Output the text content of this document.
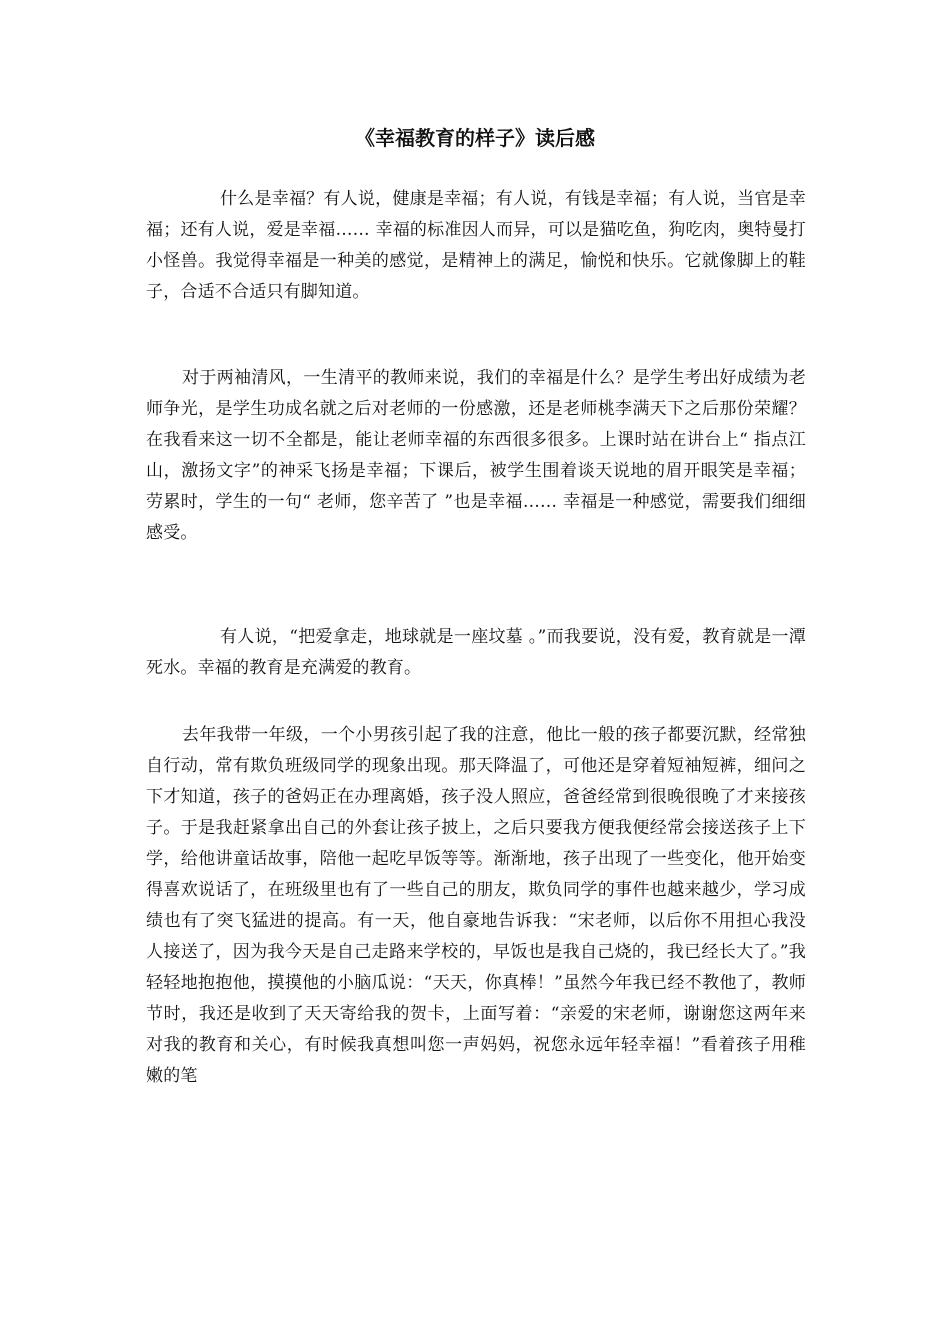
《幸福教育的样子》读后感

什么是幸福？有人说，健康是幸福；有人说，有钱是幸福；有人说，当官是幸福；还有人说，爱是幸福…… 幸福的标准因人而异，可以是猫吃鱼，狗吃肉，奥特曼打小怪兽。我觉得幸福是一种美的感觉，是精神上的满足，愉悦和快乐。它就像脚上的鞋子，合适不合适只有脚知道。

对于两袖清风，一生清平的教师来说，我们的幸福是什么？是学生考出好成绩为老师争光，是学生功成名就之后对老师的一份感激，还是老师桃李满天下之后那份荣耀？在我看来这一切不全都是，能让老师幸福的东西很多很多。上课时站在讲台上“ 指点江山，激扬文字”的神采飞扬是幸福；下课后，被学生围着谈天说地的眉开眼笑是幸福；劳累时，学生的一句“ 老师，您辛苦了 ”也是幸福…… 幸福是一种感觉，需要我们细细感受。

有人说，“把爱拿走，地球就是一座坟墓 。”而我要说，没有爱，教育就是一潭死水。幸福的教育是充满爱的教育。

去年我带一年级，一个小男孩引起了我的注意，他比一般的孩子都要沉默，经常独自行动，常有欺负班级同学的现象出现。那天降温了，可他还是穿着短袖短裤，细问之下才知道，孩子的爸妈正在办理离婚，孩子没人照应，爸爸经常到很晚很晚了才来接孩子。于是我赶紧拿出自己的外套让孩子披上，之后只要我方便我便经常会接送孩子上下学，给他讲童话故事，陪他一起吃早饭等等。渐渐地，孩子出现了一些变化，他开始变得喜欢说话了，在班级里也有了一些自己的朋友，欺负同学的事件也越来越少，学习成绩也有了突飞猛进的提高。有一天，他自豪地告诉我：“宋老师，以后你不用担心我没人接送了，因为我今天是自己走路来学校的，早饭也是我自己烧的，我已经长大了。”我轻轻地抱抱他，摸摸他的小脑瓜说：“天天，你真棒！”虽然今年我已经不教他了，教师节时，我还是收到了天天寄给我的贺卡，上面写着：“亲爱的宋老师，谢谢您这两年来对我的教育和关心，有时候我真想叫您一声妈妈，祝您永远年轻幸福！”看着孩子用稚嫩的笔
